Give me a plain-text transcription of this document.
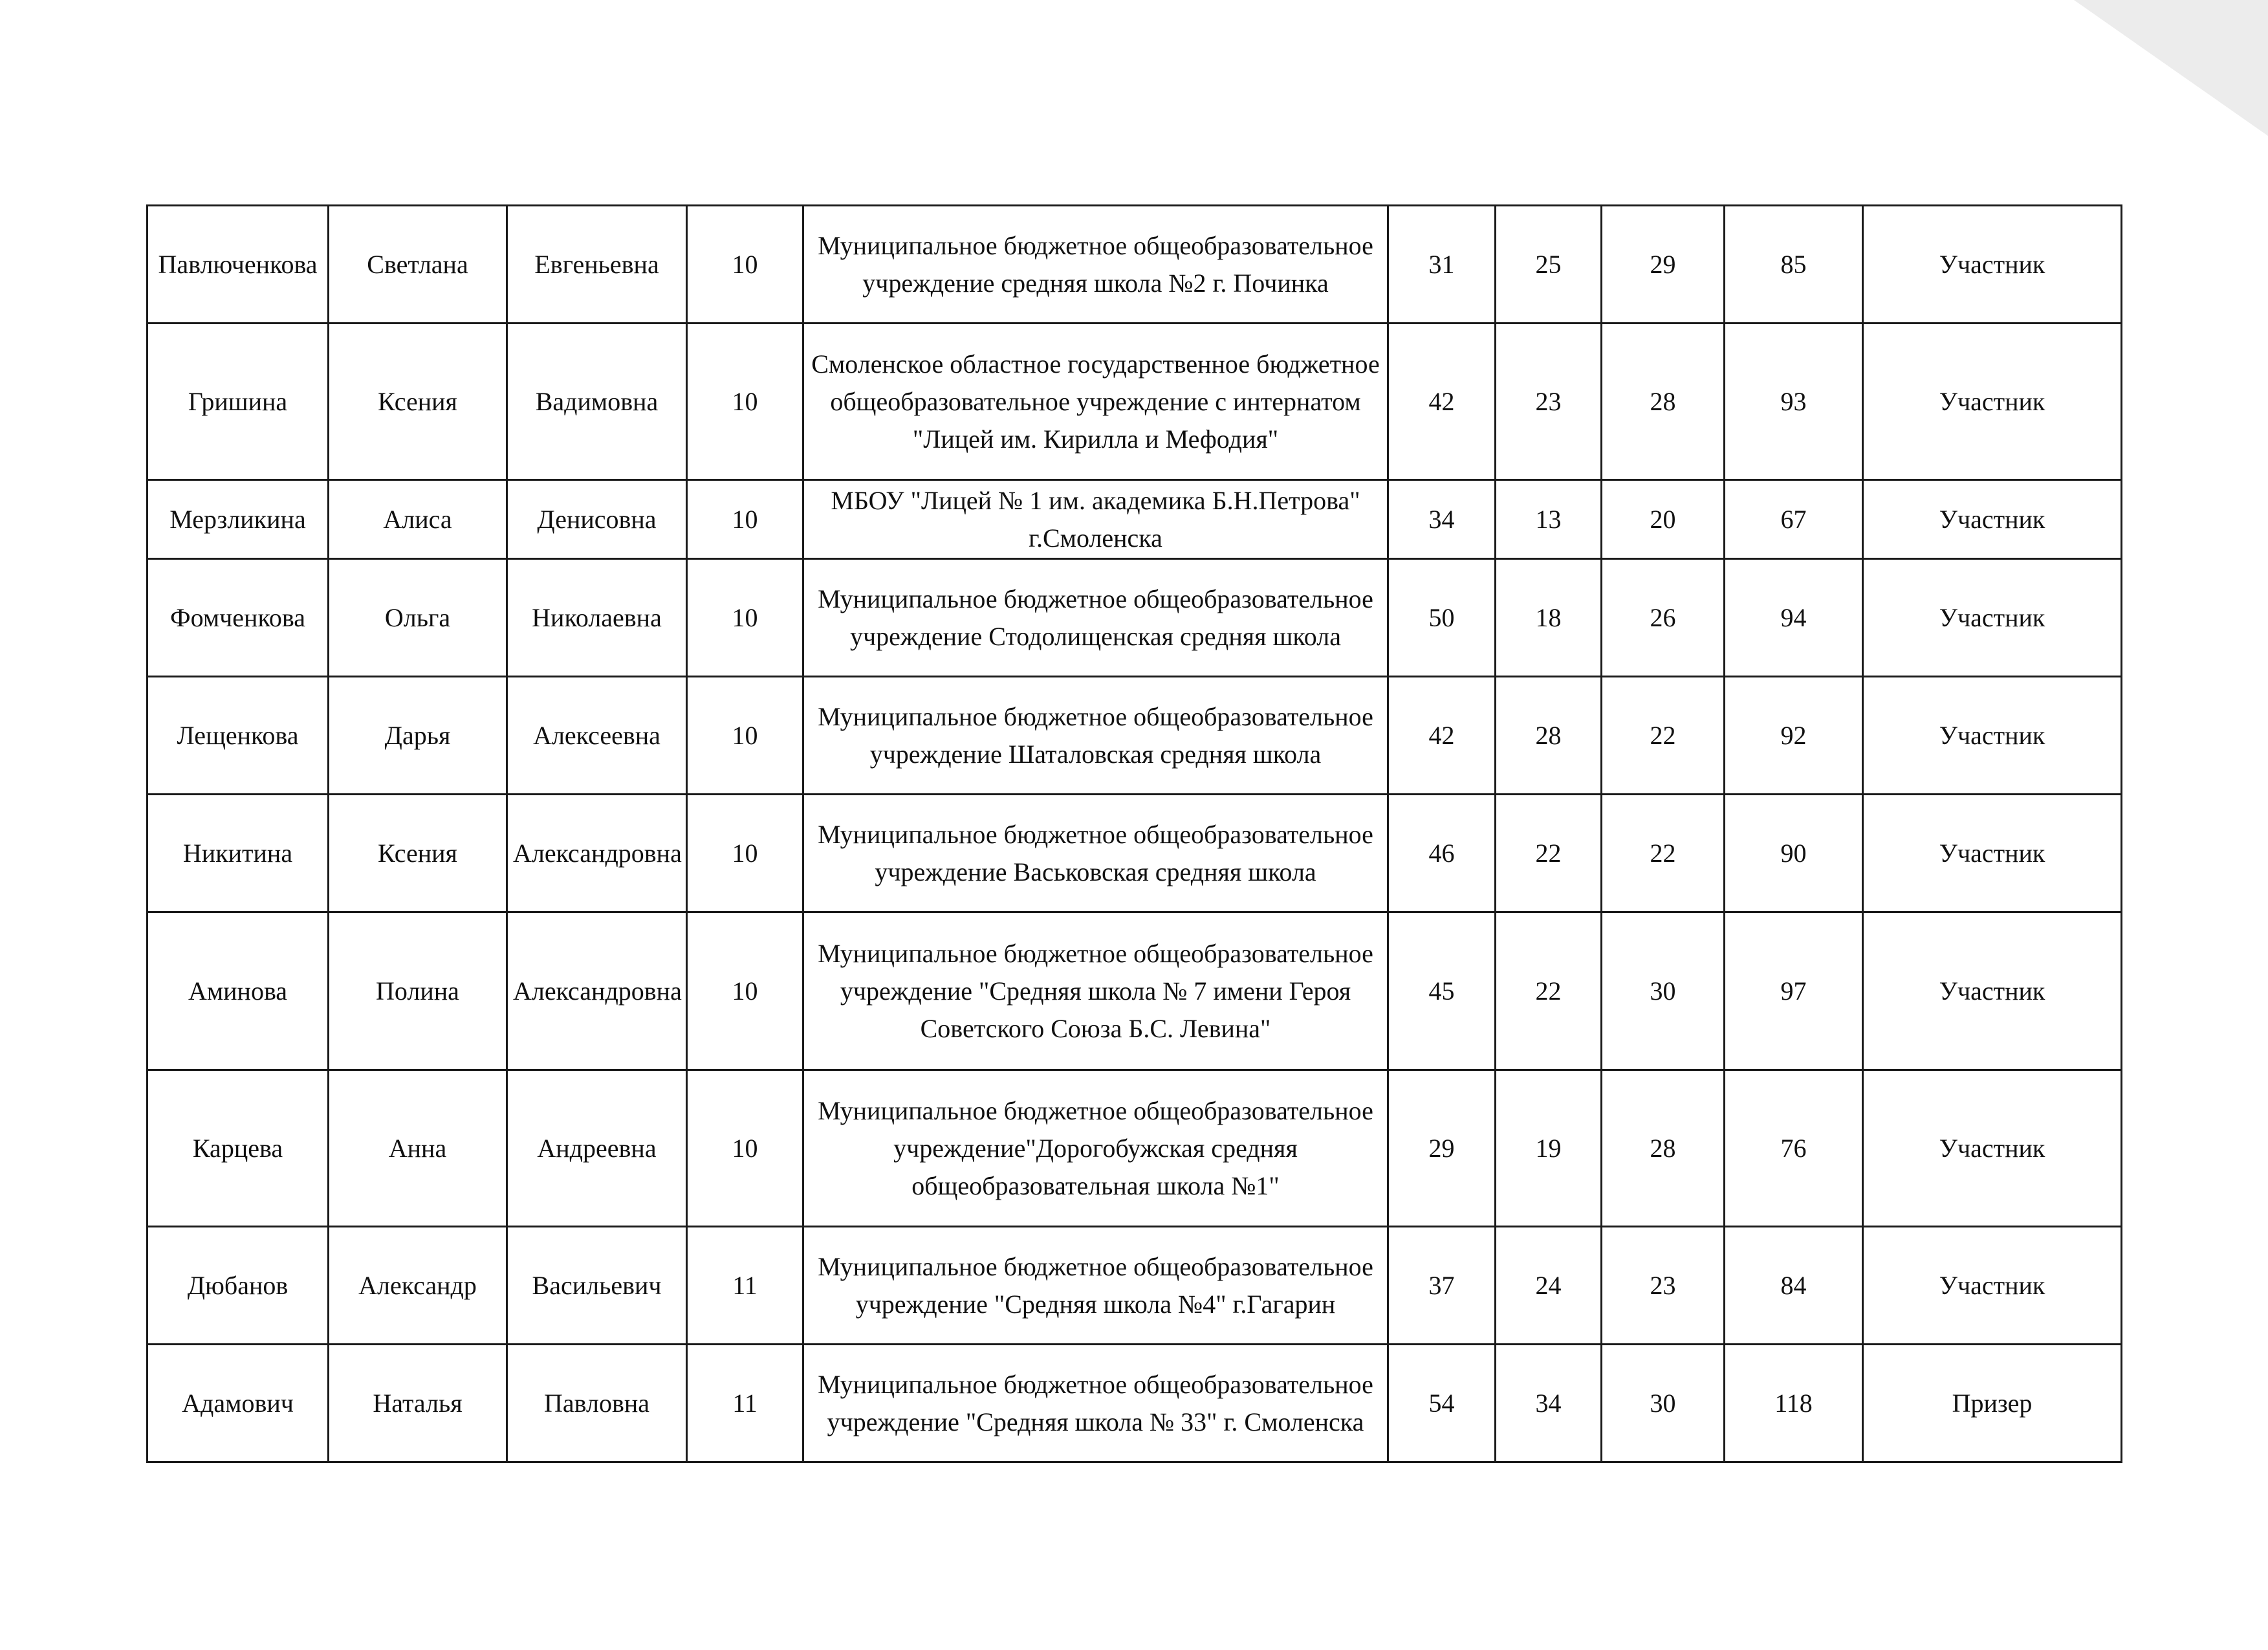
Павлюченкова	Светлана	Евгеньевна	10	Муниципальное бюджетное общеобразовательное учреждение средняя школа №2 г. Починка	31	25	29	85	Участник
Гришина	Ксения	Вадимовна	10	Смоленское областное государственное бюджетное общеобразовательное учреждение с интернатом "Лицей им. Кирилла и Мефодия"	42	23	28	93	Участник
Мерзликина	Алиса	Денисовна	10	МБОУ "Лицей № 1 им. академика Б.Н.Петрова" г.Смоленска	34	13	20	67	Участник
Фомченкова	Ольга	Николаевна	10	Муниципальное бюджетное общеобразовательное учреждение Стодолищенская средняя школа	50	18	26	94	Участник
Лещенкова	Дарья	Алексеевна	10	Муниципальное бюджетное общеобразовательное учреждение Шаталовская средняя школа	42	28	22	92	Участник
Никитина	Ксения	Александровна	10	Муниципальное бюджетное общеобразовательное учреждение Васьковская средняя школа	46	22	22	90	Участник
Аминова	Полина	Александровна	10	Муниципальное бюджетное общеобразовательное учреждение "Средняя школа № 7 имени Героя Советского Союза Б.С. Левина"	45	22	30	97	Участник
Карцева	Анна	Андреевна	10	Муниципальное бюджетное общеобразовательное учреждение"Дорогобужская средняя общеобразовательная школа №1"	29	19	28	76	Участник
Дюбанов	Александр	Васильевич	11	Муниципальное бюджетное общеобразовательное учреждение "Средняя школа №4" г.Гагарин	37	24	23	84	Участник
Адамович	Наталья	Павловна	11	Муниципальное бюджетное общеобразовательное учреждение "Средняя школа № 33" г. Смоленска	54	34	30	118	Призер
